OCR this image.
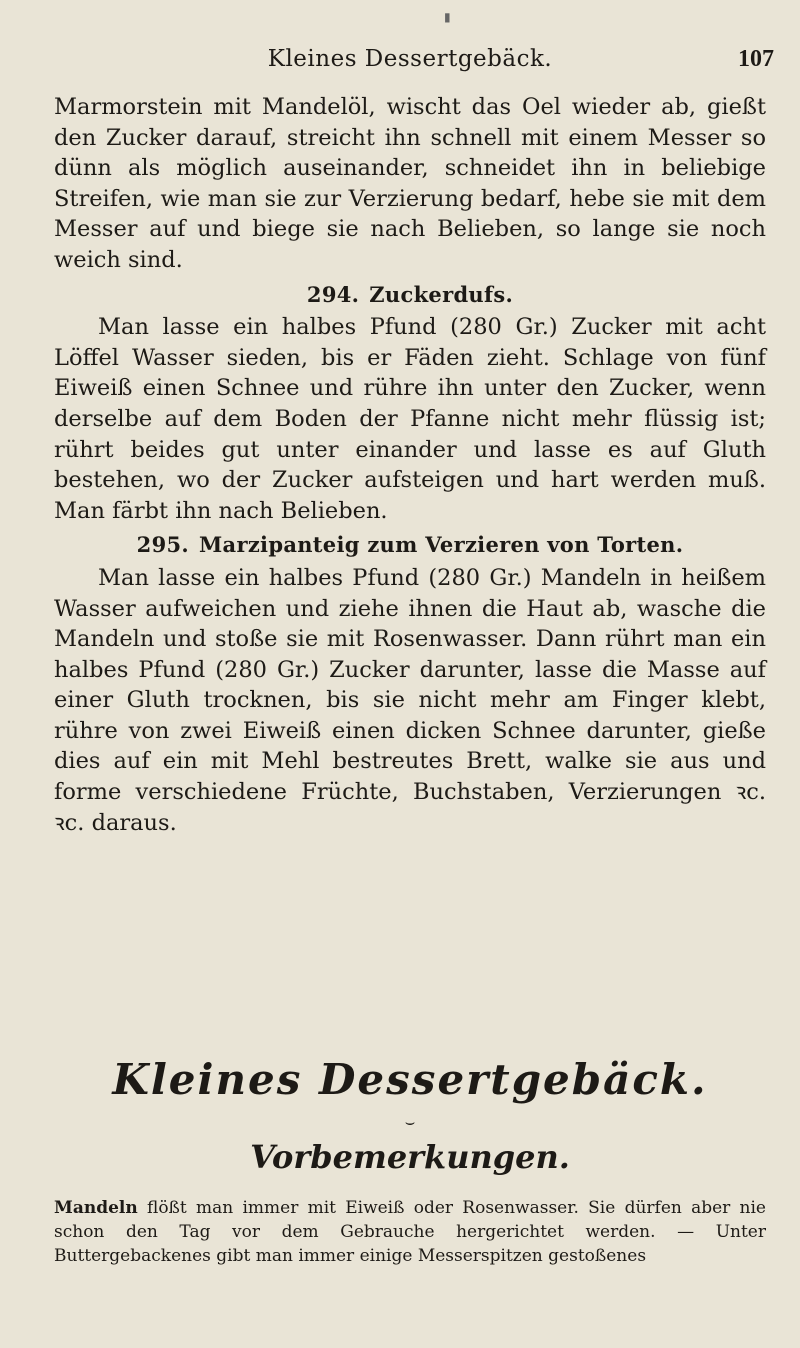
▮
Kleines Dessertgebäck.	107

Marmorstein mit Mandelöl, wischt das Oel wieder ab, gießt den Zucker darauf, streicht ihn schnell mit einem Messer so dünn als möglich auseinander, schneidet ihn in beliebige Streifen, wie man sie zur Verzierung bedarf, hebe sie mit dem Messer auf und biege sie nach Belieben, so lange sie noch weich sind.

294. Zuckerdufs.

Man lasse ein halbes Pfund (280 Gr.) Zucker mit acht Löffel Wasser sieden, bis er Fäden zieht. Schlage von fünf Eiweiß einen Schnee und rühre ihn unter den Zucker, wenn derselbe auf dem Boden der Pfanne nicht mehr flüssig ist; rührt beides gut unter einander und lasse es auf Gluth bestehen, wo der Zucker aufsteigen und hart werden muß. Man färbt ihn nach Belieben.

295. Marzipanteig zum Verzieren von Torten.

Man lasse ein halbes Pfund (280 Gr.) Mandeln in heißem Wasser aufweichen und ziehe ihnen die Haut ab, wasche die Mandeln und stoße sie mit Rosenwasser. Dann rührt man ein halbes Pfund (280 Gr.) Zucker darunter, lasse die Masse auf einer Gluth trocknen, bis sie nicht mehr am Finger klebt, rühre von zwei Eiweiß einen dicken Schnee darunter, gieße dies auf ein mit Mehl bestreutes Brett, walke sie aus und forme verschiedene Früchte, Buchstaben, Verzierungen ꝛc. ꝛc. daraus.

Kleines Dessertgebäck.
⌣
Vorbemerkungen.
Mandeln flößt man immer mit Eiweiß oder Rosenwasser. Sie dürfen aber nie schon den Tag vor dem Gebrauche hergerichtet werden. — Unter Buttergebackenes gibt man immer einige Messerspitzen gestoßenes
